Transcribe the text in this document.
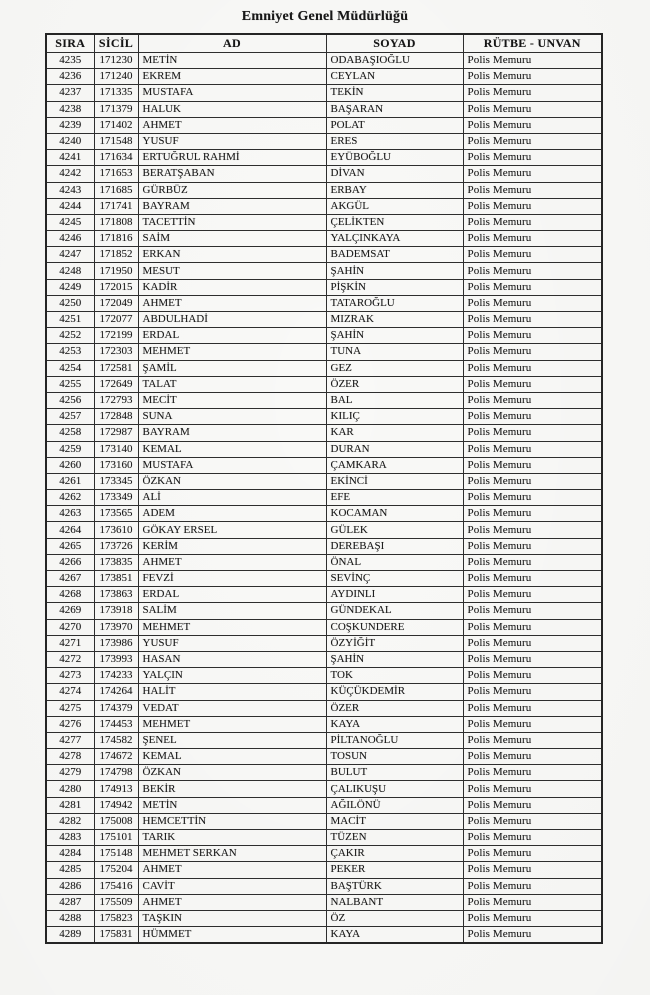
Emniyet Genel Müdürlüğü
SIRA	SİCİL	AD	SOYAD	RÜTBE - UNVAN
4235	171230	METİN	ODABAŞIOĞLU	Polis Memuru
4236	171240	EKREM	CEYLAN	Polis Memuru
4237	171335	MUSTAFA	TEKİN	Polis Memuru
4238	171379	HALUK	BAŞARAN	Polis Memuru
4239	171402	AHMET	POLAT	Polis Memuru
4240	171548	YUSUF	ERES	Polis Memuru
4241	171634	ERTUĞRUL RAHMİ	EYÜBOĞLU	Polis Memuru
4242	171653	BERATŞABAN	DİVAN	Polis Memuru
4243	171685	GÜRBÜZ	ERBAY	Polis Memuru
4244	171741	BAYRAM	AKGÜL	Polis Memuru
4245	171808	TACETTİN	ÇELİKTEN	Polis Memuru
4246	171816	SAİM	YALÇINKAYA	Polis Memuru
4247	171852	ERKAN	BADEMSAT	Polis Memuru
4248	171950	MESUT	ŞAHİN	Polis Memuru
4249	172015	KADİR	PİŞKİN	Polis Memuru
4250	172049	AHMET	TATAROĞLU	Polis Memuru
4251	172077	ABDULHADİ	MIZRAK	Polis Memuru
4252	172199	ERDAL	ŞAHİN	Polis Memuru
4253	172303	MEHMET	TUNA	Polis Memuru
4254	172581	ŞAMİL	GEZ	Polis Memuru
4255	172649	TALAT	ÖZER	Polis Memuru
4256	172793	MECİT	BAL	Polis Memuru
4257	172848	SUNA	KILIÇ	Polis Memuru
4258	172987	BAYRAM	KAR	Polis Memuru
4259	173140	KEMAL	DURAN	Polis Memuru
4260	173160	MUSTAFA	ÇAMKARA	Polis Memuru
4261	173345	ÖZKAN	EKİNCİ	Polis Memuru
4262	173349	ALİ	EFE	Polis Memuru
4263	173565	ADEM	KOCAMAN	Polis Memuru
4264	173610	GÖKAY ERSEL	GÜLEK	Polis Memuru
4265	173726	KERİM	DEREBAŞI	Polis Memuru
4266	173835	AHMET	ÖNAL	Polis Memuru
4267	173851	FEVZİ	SEVİNÇ	Polis Memuru
4268	173863	ERDAL	AYDINLI	Polis Memuru
4269	173918	SALİM	GÜNDEKAL	Polis Memuru
4270	173970	MEHMET	COŞKUNDERE	Polis Memuru
4271	173986	YUSUF	ÖZYİĞİT	Polis Memuru
4272	173993	HASAN	ŞAHİN	Polis Memuru
4273	174233	YALÇIN	TOK	Polis Memuru
4274	174264	HALİT	KÜÇÜKDEMİR	Polis Memuru
4275	174379	VEDAT	ÖZER	Polis Memuru
4276	174453	MEHMET	KAYA	Polis Memuru
4277	174582	ŞENEL	PİLTANOĞLU	Polis Memuru
4278	174672	KEMAL	TOSUN	Polis Memuru
4279	174798	ÖZKAN	BULUT	Polis Memuru
4280	174913	BEKİR	ÇALIKUŞU	Polis Memuru
4281	174942	METİN	AĞILÖNÜ	Polis Memuru
4282	175008	HEMCETTİN	MACİT	Polis Memuru
4283	175101	TARIK	TÜZEN	Polis Memuru
4284	175148	MEHMET SERKAN	ÇAKIR	Polis Memuru
4285	175204	AHMET	PEKER	Polis Memuru
4286	175416	CAVİT	BAŞTÜRK	Polis Memuru
4287	175509	AHMET	NALBANT	Polis Memuru
4288	175823	TAŞKIN	ÖZ	Polis Memuru
4289	175831	HÜMMET	KAYA	Polis Memuru
